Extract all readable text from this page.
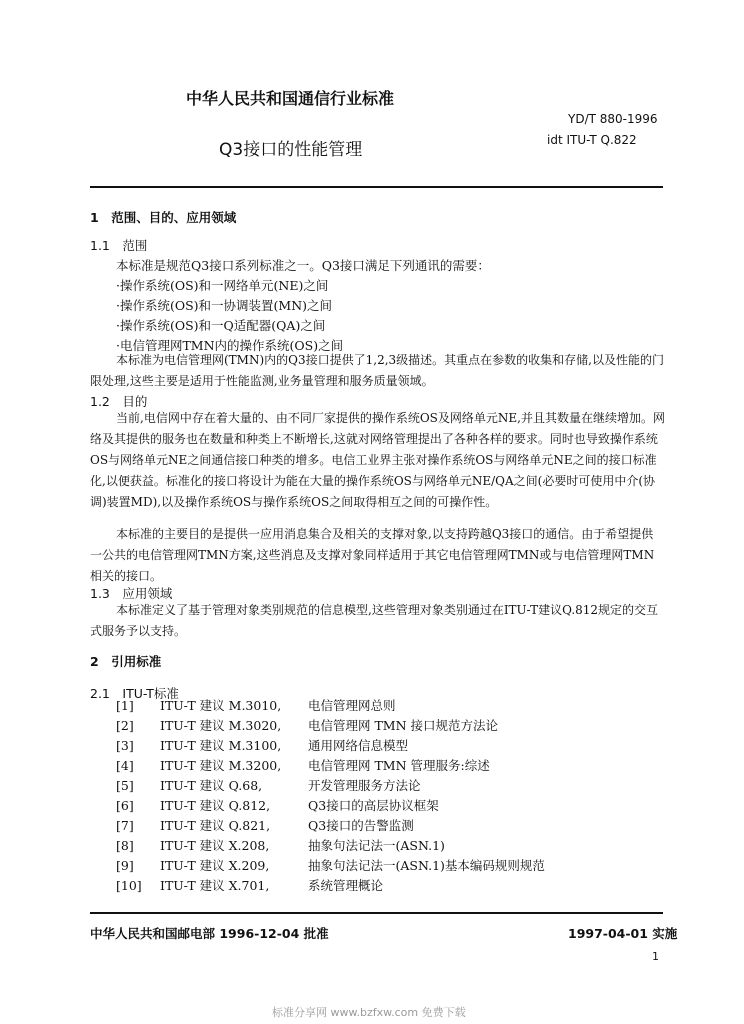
中华人民共和国通信行业标准
YD/T 880-1996
idt ITU-T Q.822
Q3接口的性能管理
1　范围、目的、应用领域
1.1　范围
本标准是规范Q3接口系列标准之一。Q3接口满足下列通讯的需要：
·操作系统(OS)和一网络单元(NE)之间
·操作系统(OS)和一协调装置(MN)之间
·操作系统(OS)和一Q适配器(QA)之间
·电信管理网TMN内的操作系统(OS)之间
本标准为电信管理网(TMN)内的Q3接口提供了1,2,3级描述。其重点在参数的收集和存储,以及性能的门限处理,这些主要是适用于性能监测,业务量管理和服务质量领域。
1.2　目的
当前,电信网中存在着大量的、由不同厂家提供的操作系统OS及网络单元NE,并且其数量在继续增加。网络及其提供的服务也在数量和种类上不断增长,这就对网络管理提出了各种各样的要求。同时也导致操作系统OS与网络单元NE之间通信接口种类的增多。电信工业界主张对操作系统OS与网络单元NE之间的接口标准化,以便获益。标准化的接口将设计为能在大量的操作系统OS与网络单元NE/QA之间(必要时可使用中介(协调)装置MD),以及操作系统OS与操作系统OS之间取得相互之间的可操作性。
本标准的主要目的是提供一应用消息集合及相关的支撑对象,以支持跨越Q3接口的通信。由于希望提供一公共的电信管理网TMN方案,这些消息及支撑对象同样适用于其它电信管理网TMN或与电信管理网TMN相关的接口。
1.3　应用领域
本标准定义了基于管理对象类别规范的信息模型,这些管理对象类别通过在ITU-T建议Q.812规定的交互式服务予以支持。
2　引用标准
2.1　ITU-T标准
[1] ITU-T 建议 M.3010, 电信管理网总则
[2] ITU-T 建议 M.3020, 电信管理网 TMN 接口规范方法论
[3] ITU-T 建议 M.3100, 通用网络信息模型
[4] ITU-T 建议 M.3200, 电信管理网 TMN 管理服务:综述
[5] ITU-T 建议 Q.68,	开发管理服务方法论
[6] ITU-T 建议 Q.812,	Q3接口的高层协议框架
[7] ITU-T 建议 Q.821,	Q3接口的告警监测
[8] ITU-T 建议 X.208,	抽象句法记法一(ASN.1)
[9] ITU-T 建议 X.209,	抽象句法记法一(ASN.1)基本编码规则规范
[10] ITU-T 建议 X.701,	系统管理概论
中华人民共和国邮电部 1996-12-04 批准	1997-04-01 实施
1
标准分享网 www.bzfxw.com 免费下载
